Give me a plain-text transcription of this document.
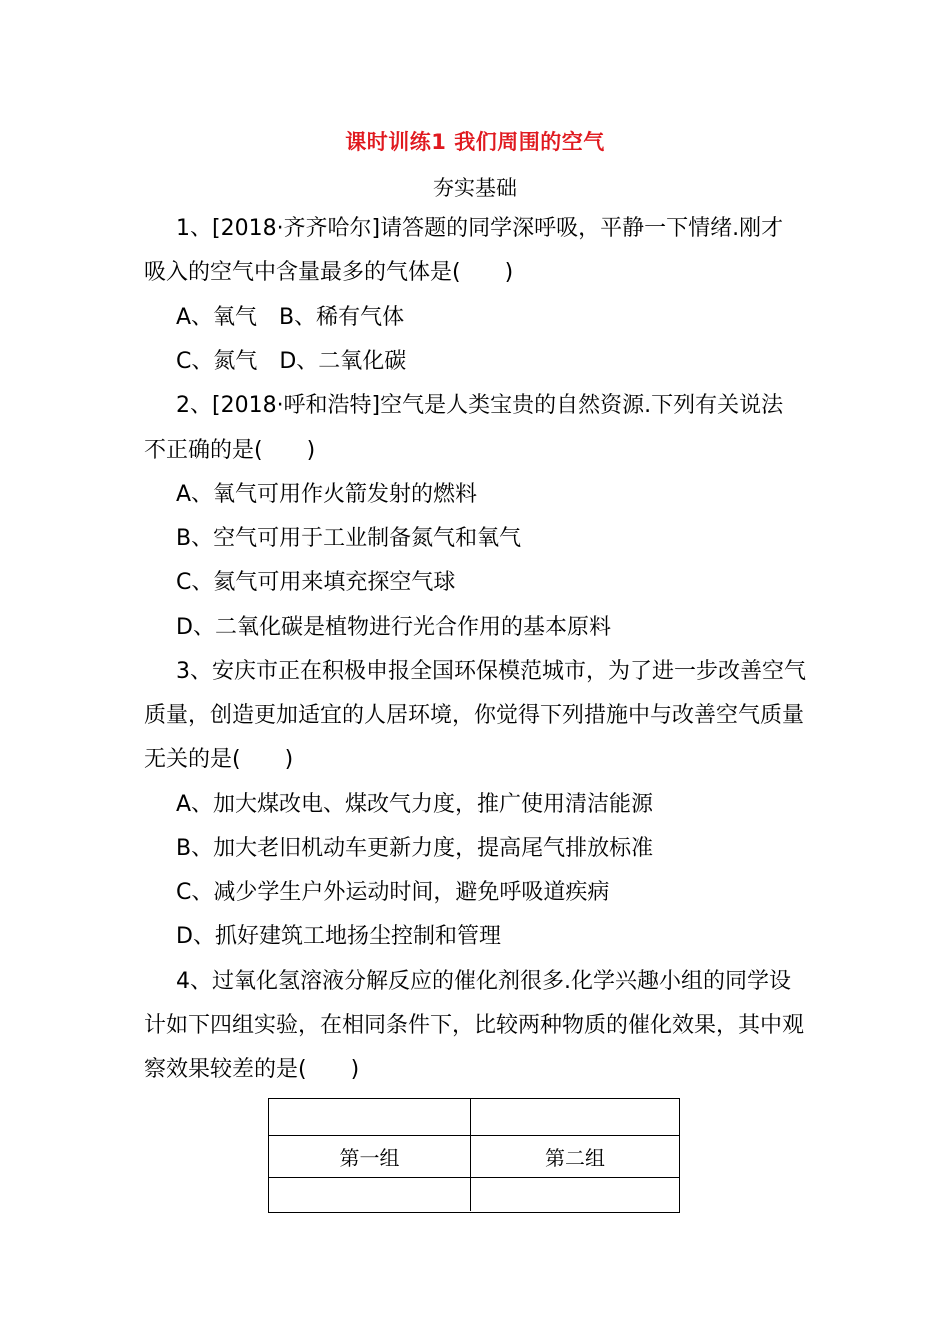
课时训练1 我们周围的空气
夯实基础
1、[2018·齐齐哈尔]请答题的同学深呼吸，平静一下情绪.刚才
吸入的空气中含量最多的气体是(　　)
A、氧气　B、稀有气体
C、氮气　D、二氧化碳
2、[2018·呼和浩特]空气是人类宝贵的自然资源.下列有关说法
不正确的是(　　)
A、氧气可用作火箭发射的燃料
B、空气可用于工业制备氮气和氧气
C、氦气可用来填充探空气球
D、二氧化碳是植物进行光合作用的基本原料
3、安庆市正在积极申报全国环保模范城市，为了进一步改善空气
质量，创造更加适宜的人居环境，你觉得下列措施中与改善空气质量
无关的是(　　)
A、加大煤改电、煤改气力度，推广使用清洁能源
B、加大老旧机动车更新力度，提高尾气排放标准
C、减少学生户外运动时间，避免呼吸道疾病
D、抓好建筑工地扬尘控制和管理
4、过氧化氢溶液分解反应的催化剂很多.化学兴趣小组的同学设
计如下四组实验，在相同条件下，比较两种物质的催化效果，其中观
察效果较差的是(　　)
第一组	第二组
